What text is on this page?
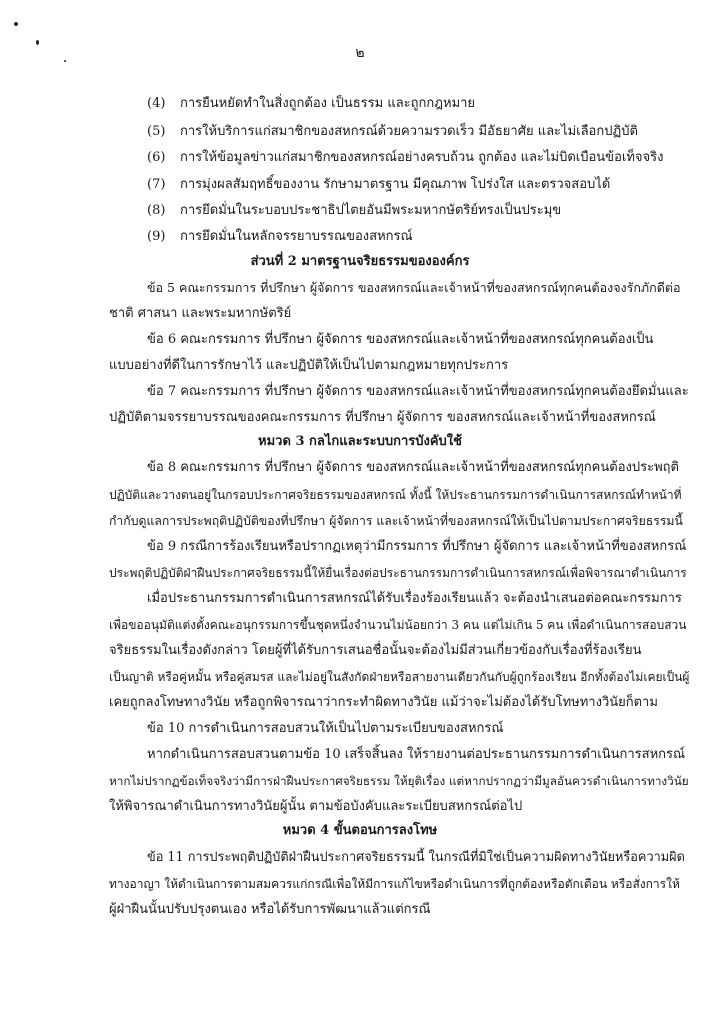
๒
(4) การยืนหยัดทำในสิ่งถูกต้อง เป็นธรรม และถูกกฎหมาย
(5) การให้บริการแก่สมาชิกของสหกรณ์ด้วยความรวดเร็ว มีอัธยาศัย และไม่เลือกปฏิบัติ
(6) การให้ข้อมูลข่าวแก่สมาชิกของสหกรณ์อย่างครบถ้วน ถูกต้อง และไม่บิดเบือนข้อเท็จจริง
(7) การมุ่งผลสัมฤทธิ์ของงาน รักษามาตรฐาน มีคุณภาพ โปร่งใส และตรวจสอบได้
(8) การยึดมั่นในระบอบประชาธิปไตยอันมีพระมหากษัตริย์ทรงเป็นประมุข
(9) การยึดมั่นในหลักจรรยาบรรณของสหกรณ์
ส่วนที่ 2 มาตรฐานจริยธรรมขององค์กร
ข้อ 5 คณะกรรมการ ที่ปรึกษา ผู้จัดการ ของสหกรณ์และเจ้าหน้าที่ของสหกรณ์ทุกคนต้องจงรักภักดีต่อ
ชาติ ศาสนา และพระมหากษัตริย์
ข้อ 6 คณะกรรมการ ที่ปรึกษา ผู้จัดการ ของสหกรณ์และเจ้าหน้าที่ของสหกรณ์ทุกคนต้องเป็น
แบบอย่างที่ดีในการรักษาไว้ และปฏิบัติให้เป็นไปตามกฎหมายทุกประการ
ข้อ 7 คณะกรรมการ ที่ปรึกษา ผู้จัดการ ของสหกรณ์และเจ้าหน้าที่ของสหกรณ์ทุกคนต้องยึดมั่นและ
ปฏิบัติตามจรรยาบรรณของคณะกรรมการ ที่ปรึกษา ผู้จัดการ ของสหกรณ์และเจ้าหน้าที่ของสหกรณ์
หมวด 3 กลไกและระบบการบังคับใช้
ข้อ 8 คณะกรรมการ ที่ปรึกษา ผู้จัดการ ของสหกรณ์และเจ้าหน้าที่ของสหกรณ์ทุกคนต้องประพฤติ
ปฏิบัติและวางตนอยู่ในกรอบประกาศจริยธรรมของสหกรณ์ ทั้งนี้ ให้ประธานกรรมการดำเนินการสหกรณ์ทำหน้าที่
กำกับดูแลการประพฤติปฏิบัติของที่ปรึกษา ผู้จัดการ และเจ้าหน้าที่ของสหกรณ์ให้เป็นไปตามประกาศจริยธรรมนี้
ข้อ 9 กรณีการร้องเรียนหรือปรากฏเหตุว่ามีกรรมการ ที่ปรึกษา ผู้จัดการ และเจ้าหน้าที่ของสหกรณ์
ประพฤติปฏิบัติฝ่าฝืนประกาศจริยธรรมนี้ให้ยื่นเรื่องต่อประธานกรรมการดำเนินการสหกรณ์เพื่อพิจารณาดำเนินการ
เมื่อประธานกรรมการดำเนินการสหกรณ์ได้รับเรื่องร้องเรียนแล้ว จะต้องนำเสนอต่อคณะกรรมการ
เพื่อขออนุมัติแต่งตั้งคณะอนุกรรมการขึ้นชุดหนึ่งจำนวนไม่น้อยกว่า 3 คน แต่ไม่เกิน 5 คน เพื่อดำเนินการสอบสวน
จริยธรรมในเรื่องดังกล่าว โดยผู้ที่ได้รับการเสนอชื่อนั้นจะต้องไม่มีส่วนเกี่ยวข้องกับเรื่องที่ร้องเรียน
เป็นญาติ หรือคู่หมั้น หรือคู่สมรส และไม่อยู่ในสังกัดฝ่ายหรือสายงานเดียวกันกับผู้ถูกร้องเรียน อีกทั้งต้องไม่เคยเป็นผู้
เคยถูกลงโทษทางวินัย หรือถูกพิจารณาว่ากระทำผิดทางวินัย แม้ว่าจะไม่ต้องได้รับโทษทางวินัยก็ตาม
ข้อ 10 การดำเนินการสอบสวนให้เป็นไปตามระเบียบของสหกรณ์
หากดำเนินการสอบสวนตามข้อ 10 เสร็จสิ้นลง ให้รายงานต่อประธานกรรมการดำเนินการสหกรณ์
หากไม่ปรากฏข้อเท็จจริงว่ามีการฝ่าฝืนประกาศจริยธรรม ให้ยุติเรื่อง แต่หากปรากฏว่ามีมูลอันควรดำเนินการทางวินัย
ให้พิจารณาดำเนินการทางวินัยผู้นั้น ตามข้อบังคับและระเบียบสหกรณ์ต่อไป
หมวด 4 ขั้นตอนการลงโทษ
ข้อ 11 การประพฤติปฏิบัติฝ่าฝืนประกาศจริยธรรมนี้ ในกรณีที่มิใช่เป็นความผิดทางวินัยหรือความผิด
ทางอาญา ให้ดำเนินการตามสมควรแก่กรณีเพื่อให้มีการแก้ไขหรือดำเนินการที่ถูกต้องหรือตักเตือน หรือสั่งการให้
ผู้ฝ่าฝืนนั้นปรับปรุงตนเอง หรือได้รับการพัฒนาแล้วแต่กรณี
